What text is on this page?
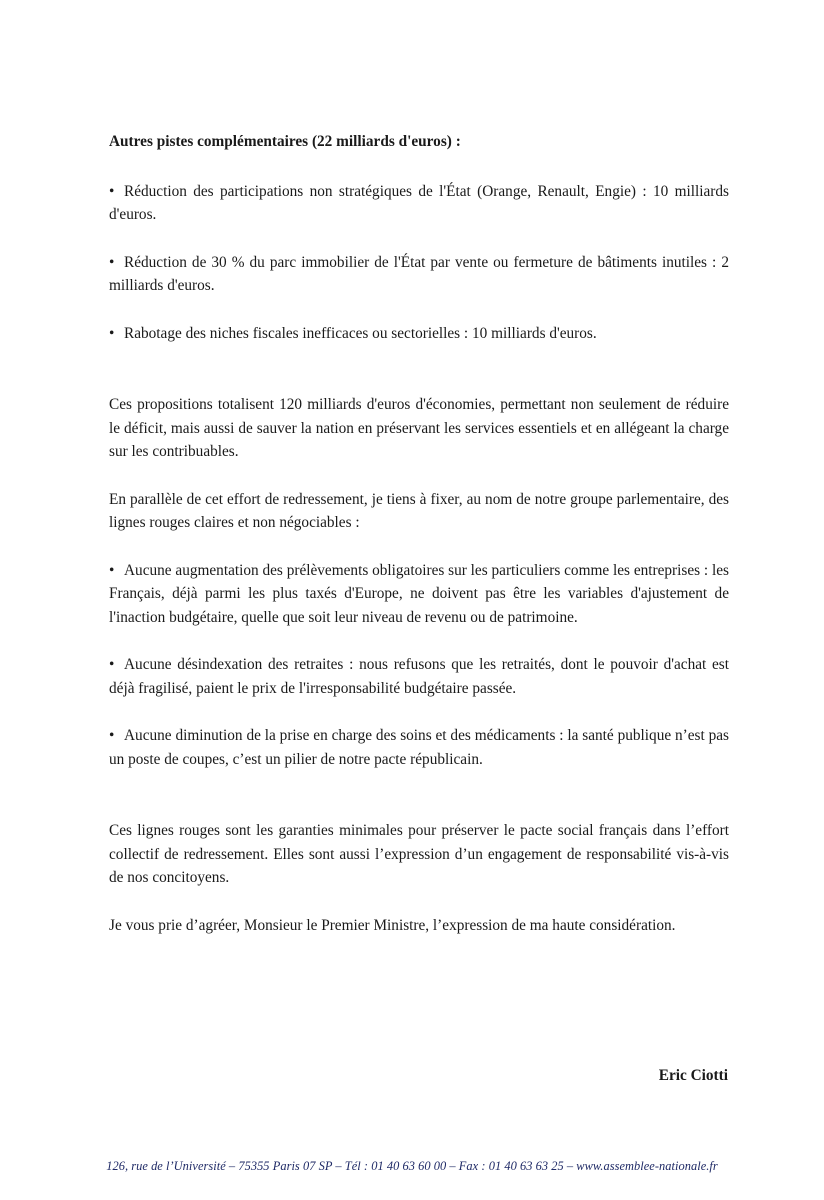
Autres pistes complémentaires (22 milliards d'euros) :

• Réduction des participations non stratégiques de l'État (Orange, Renault, Engie) : 10 milliards d'euros.

• Réduction de 30 % du parc immobilier de l'État par vente ou fermeture de bâtiments inutiles : 2 milliards d'euros.

• Rabotage des niches fiscales inefficaces ou sectorielles : 10 milliards d'euros.

Ces propositions totalisent 120 milliards d'euros d'économies, permettant non seulement de réduire le déficit, mais aussi de sauver la nation en préservant les services essentiels et en allégeant la charge sur les contribuables.

En parallèle de cet effort de redressement, je tiens à fixer, au nom de notre groupe parlementaire, des lignes rouges claires et non négociables :

• Aucune augmentation des prélèvements obligatoires sur les particuliers comme les entreprises : les Français, déjà parmi les plus taxés d'Europe, ne doivent pas être les variables d'ajustement de l'inaction budgétaire, quelle que soit leur niveau de revenu ou de patrimoine.

• Aucune désindexation des retraites : nous refusons que les retraités, dont le pouvoir d'achat est déjà fragilisé, paient le prix de l'irresponsabilité budgétaire passée.

• Aucune diminution de la prise en charge des soins et des médicaments : la santé publique n’est pas un poste de coupes, c’est un pilier de notre pacte républicain.

Ces lignes rouges sont les garanties minimales pour préserver le pacte social français dans l’effort collectif de redressement. Elles sont aussi l’expression d’un engagement de responsabilité vis-à-vis de nos concitoyens.

Je vous prie d’agréer, Monsieur le Premier Ministre, l’expression de ma haute considération.

Eric Ciotti
126, rue de l’Université – 75355 Paris 07 SP – Tél : 01 40 63 60 00 – Fax : 01 40 63 63 25 – www.assemblee-nationale.fr
